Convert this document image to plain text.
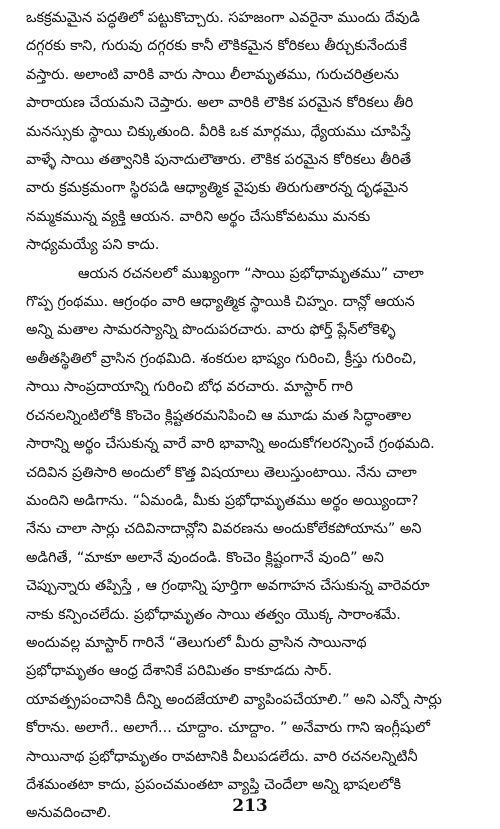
ఒకక్రమమైన పద్ధతిలో పట్టుకొచ్చారు. సహజంగా ఎవరైనా ముందు దేవుడి
దగ్గరకు కాని, గురువు దగ్గరకు కానీ లౌకికమైన కోరికలు తీర్చుకునేందుకే
వస్తారు. అలాంటి వారికి వారు సాయి లీలామృతము, గురుచరిత్రలను
పారాయణ చేయమని చెప్తారు. అలా వారికి లౌకిక పరమైన కోరికలు తీరి
మనస్సుకు స్థాయి చిక్కుతుంది. వీరికి ఒక మార్గము, ధ్యేయము చూపిస్తే
వాళ్ళే సాయి తత్వానికి పునాదులౌతారు. లౌకిక పరమైన కోరికలు తీరితే
వారు క్రమక్రమంగా స్థిరపడి ఆధ్యాత్మిక వైపుకు తిరుగుతారన్న దృఢమైన
నమ్మకమున్న వ్యక్తి ఆయన. వారిని అర్థం చేసుకోవటము మనకు
సాధ్యమయ్యే పని కాదు.
ఆయన రచనలలో ముఖ్యంగా “సాయి ప్రభోధామృతము” చాలా
గొప్ప గ్రంథము. ఆగ్రంథం వారి ఆధ్యాత్మిక స్థాయికి చిహ్నం. దాన్లో ఆయన
అన్ని మతాల సామరస్యాన్ని పొందుపరచారు. వారు ఫోర్త్ ప్లేన్‌లోకెళ్ళి
అతీతస్థితిలో వ్రాసిన గ్రంథమిది. శంకరుల భాష్యం గురించి, క్రీస్తు గురించి,
సాయి సాంప్రదాయాన్ని గురించి బోధ వరచారు. మాస్టార్ గారి
రచనలన్నింటిలోకి కొంచెం క్లిష్టతరమనిపించి ఆ మూడు మత సిద్ధాంతాల
సారాన్ని అర్థం చేసుకున్న వారే వారి భావాన్ని అందుకోగలరన్పించే గ్రంథమది.
చదివిన ప్రతిసారి అందులో కొత్త విషయాలు తెలుస్తుంటాయి. నేను చాలా
మందిని అడిగాను. “ఏమండి, మీకు ప్రభోధామృతము అర్థం అయ్యిందా?
నేను చాలా సార్లు చదివినాదాన్లోని వివరణను అందుకోలేకపోయాను” అని
అడిగితే, “మాకూ అలానే వుందండి. కొంచెం క్లిష్టంగానే వుంది” అని
చెప్పున్నారు తప్పిస్తే , ఆ గ్రంథాన్ని పూర్తిగా అవగాహన చేసుకున్న వారెవరూ
నాకు కన్పించలేదు. ప్రభోధామృతం సాయి తత్వం యొక్క సారాంశమే.
అందువల్ల మాస్టార్ గారినే “తెలుగులో మీరు వ్రాసిన సాయినాథ
ప్రభోధామృతం ఆంధ్ర దేశానికే పరిమితం కాకూడదు సార్.
యావత్ప్రపంచానికి దీన్ని అందజేయాలి వ్యాపింపచేయాలి.” అని ఎన్నో సార్లు
కోరాను. అలాగే.. అలాగే... చూద్దాం. చూద్దాం. ” అనేవారు గాని ఇంగ్లీషులో
సాయినాథ ప్రభోధామృతం రావటానికి వీలుపడలేదు. వారి రచనలన్నిటినీ
దేశమంతటా కాదు, ప్రపంచమంతటా వ్యాప్తి చెందేలా అన్ని భాషలలోకి
అనువదించాలి.	213
